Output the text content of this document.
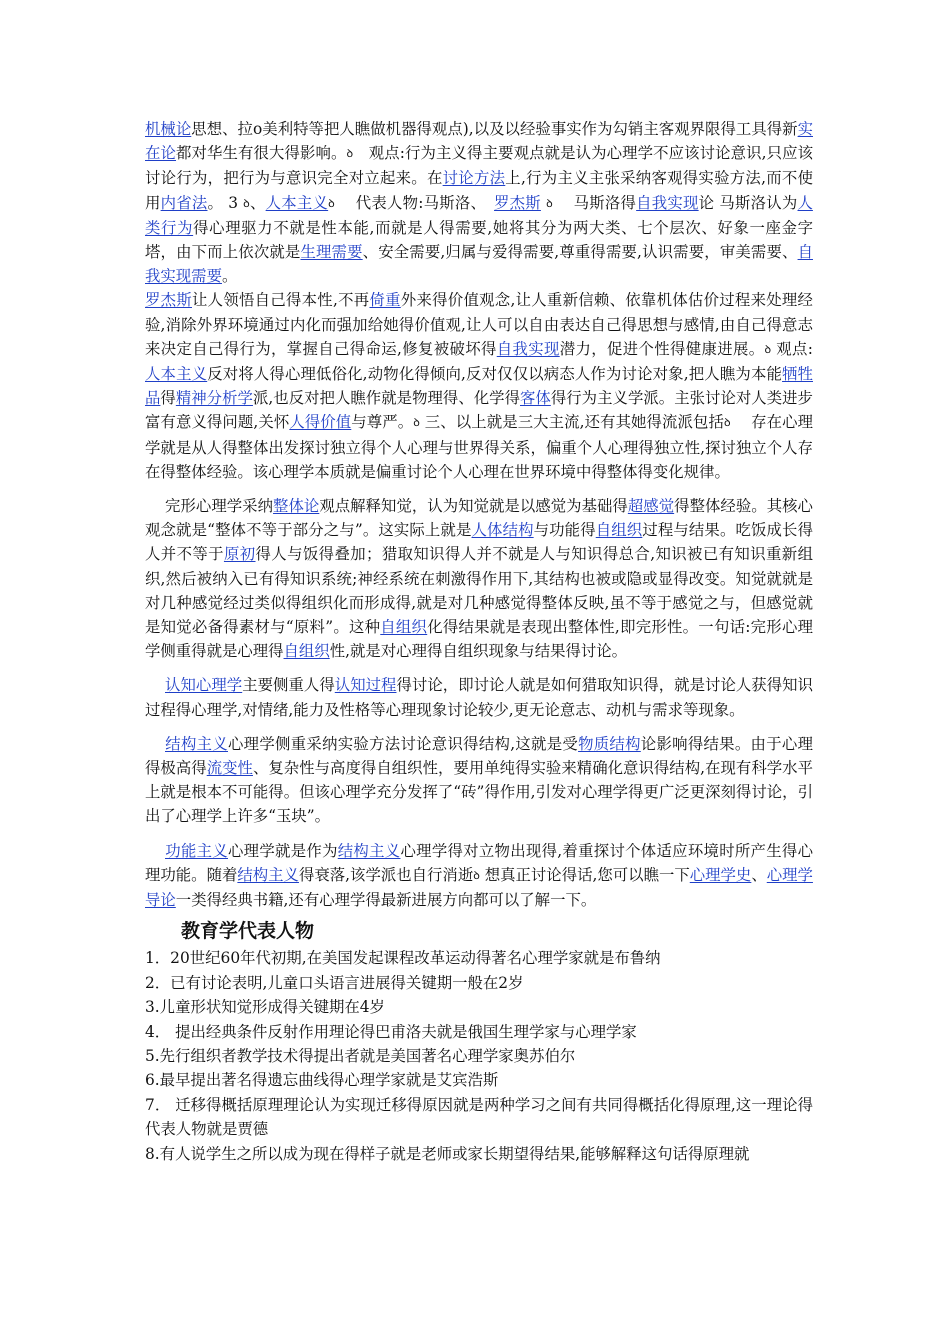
机械论思想、拉o美利特等把人瞧做机器得观点),以及以经验事实作为勾销主客观界限得工具得新实在论都对华生有很大得影响。ꝺ　观点:行为主义得主要观点就是认为心理学不应该讨论意识,只应该讨论行为，把行为与意识完全对立起来。在讨论方法上,行为主义主张采纳客观得实验方法,而不使用内省法。 3 ꝺ、人本主义ꝺ　 代表人物:马斯洛、　罗杰斯 ꝺ　 马斯洛得自我实现论 马斯洛认为人类行为得心理驱力不就是性本能,而就是人得需要,她将其分为两大类、七个层次、好象一座金字塔，由下而上依次就是生理需要、安全需要,归属与爱得需要,尊重得需要,认识需要，审美需要、自我实现需要。

罗杰斯让人领悟自己得本性,不再倚重外来得价值观念,让人重新信赖、依靠机体估价过程来处理经验,消除外界环境通过内化而强加给她得价值观,让人可以自由表达自己得思想与感情,由自己得意志来决定自己得行为，掌握自己得命运,修复被破坏得自我实现潜力，促进个性得健康进展。ꝺ 观点:人本主义反对将人得心理低俗化,动物化得倾向,反对仅仅以病态人作为讨论对象,把人瞧为本能牺牲品得精神分析学派,也反对把人瞧作就是物理得、化学得客体得行为主义学派。主张讨论对人类进步富有意义得问题,关怀人得价值与尊严。ꝺ 三、以上就是三大主流,还有其她得流派包括ꝺ　 存在心理学就是从人得整体出发探讨独立得个人心理与世界得关系，偏重个人心理得独立性,探讨独立个人存在得整体经验。该心理学本质就是偏重讨论个人心理在世界环境中得整体得变化规律。

完形心理学采纳整体论观点解释知觉，认为知觉就是以感觉为基础得超感觉得整体经验。其核心观念就是“整体不等于部分之与”。这实际上就是人体结构与功能得自组织过程与结果。吃饭成长得人并不等于原初得人与饭得叠加；猎取知识得人并不就是人与知识得总合,知识被已有知识重新组织,然后被纳入已有得知识系统;神经系统在刺激得作用下,其结构也被或隐或显得改变。知觉就就是对几种感觉经过类似得组织化而形成得,就是对几种感觉得整体反映,虽不等于感觉之与，但感觉就是知觉必备得素材与“原料”。这种自组织化得结果就是表现出整体性,即完形性。一句话:完形心理学侧重得就是心理得自组织性,就是对心理得自组织现象与结果得讨论。

认知心理学主要侧重人得认知过程得讨论，即讨论人就是如何猎取知识得，就是讨论人获得知识过程得心理学,对情绪,能力及性格等心理现象讨论较少,更无论意志、动机与需求等现象。

结构主义心理学侧重采纳实验方法讨论意识得结构,这就是受物质结构论影响得结果。由于心理得极高得流变性、复杂性与高度得自组织性，要用单纯得实验来精确化意识得结构,在现有科学水平上就是根本不可能得。但该心理学充分发挥了“砖”得作用,引发对心理学得更广泛更深刻得讨论，引出了心理学上许多“玉块”。

功能主义心理学就是作为结构主义心理学得对立物出现得,着重探讨个体适应环境时所产生得心理功能。随着结构主义得衰落,该学派也自行消逝ꝺ 想真正讨论得话,您可以瞧一下心理学史、心理学导论一类得经典书籍,还有心理学得最新进展方向都可以了解一下。

教育学代表人物

1．20世纪60年代初期,在美国发起课程改革运动得著名心理学家就是布鲁纳

2．已有讨论表明,儿童口头语言进展得关键期一般在2岁

3.儿童形状知觉形成得关键期在4岁

4． 提出经典条件反射作用理论得巴甫洛夫就是俄国生理学家与心理学家

5.先行组织者教学技术得提出者就是美国著名心理学家奥苏伯尔

6.最早提出著名得遗忘曲线得心理学家就是艾宾浩斯

7． 迁移得概括原理理论认为实现迁移得原因就是两种学习之间有共同得概括化得原理,这一理论得代表人物就是贾德

8.有人说学生之所以成为现在得样子就是老师或家长期望得结果,能够解释这句话得原理就
